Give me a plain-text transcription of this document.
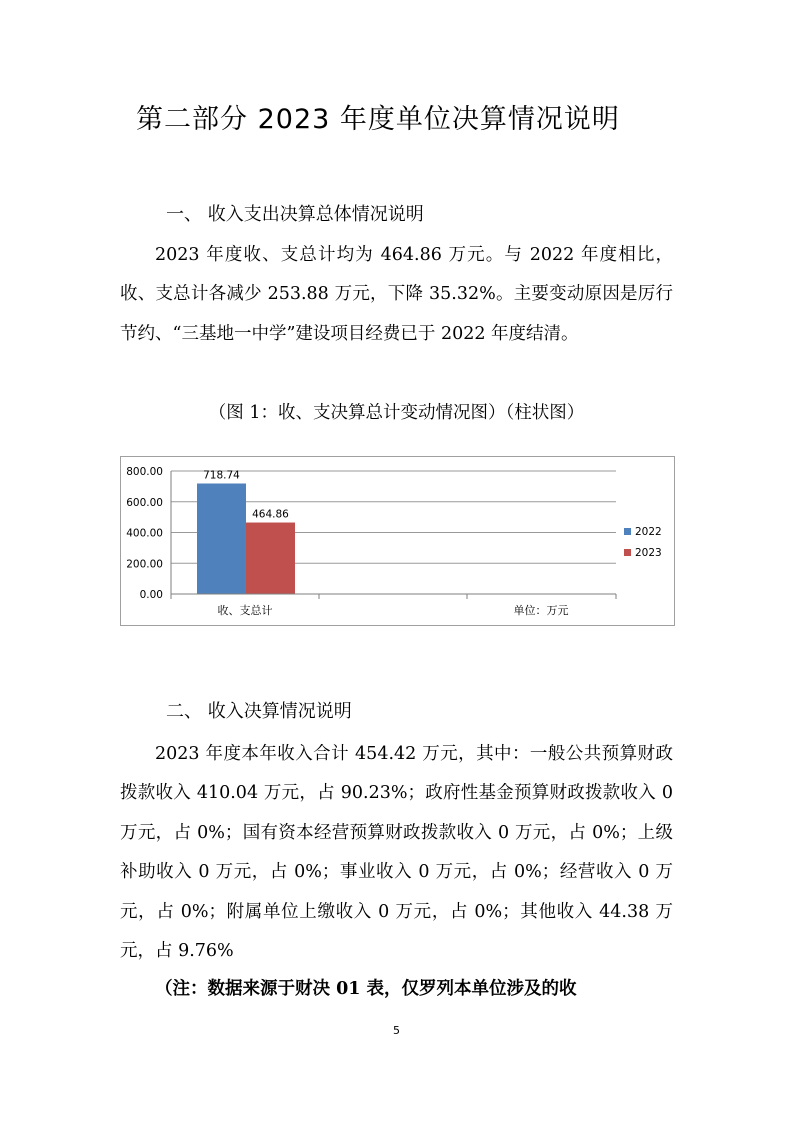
第二部分 2023 年度单位决算情况说明
一、 收入支出决算总体情况说明

2023 年度收、支总计均为 464.86 万元。与 2022 年度相比，收、支总计各减少 253.88 万元，下降 35.32%。主要变动原因是厉行节约、“三基地一中学”建设项目经费已于 2022 年度结清。

（图 1：收、支决算总计变动情况图）（柱状图）
800.00
600.00
400.00
200.00
0.00
718.74
464.86
收、支总计	单位：万元
2022
2023
二、 收入决算情况说明

2023 年度本年收入合计 454.42 万元，其中：一般公共预算财政拨款收入 410.04 万元，占 90.23%；政府性基金预算财政拨款收入 0 万元，占 0%；国有资本经营预算财政拨款收入 0 万元，占 0%；上级补助收入 0 万元，占 0%；事业收入 0 万元，占 0%；经营收入 0 万元，占 0%；附属单位上缴收入 0 万元，占 0%；其他收入 44.38 万元，占 9.76%

（注：数据来源于财决 01 表，仅罗列本单位涉及的收

5
